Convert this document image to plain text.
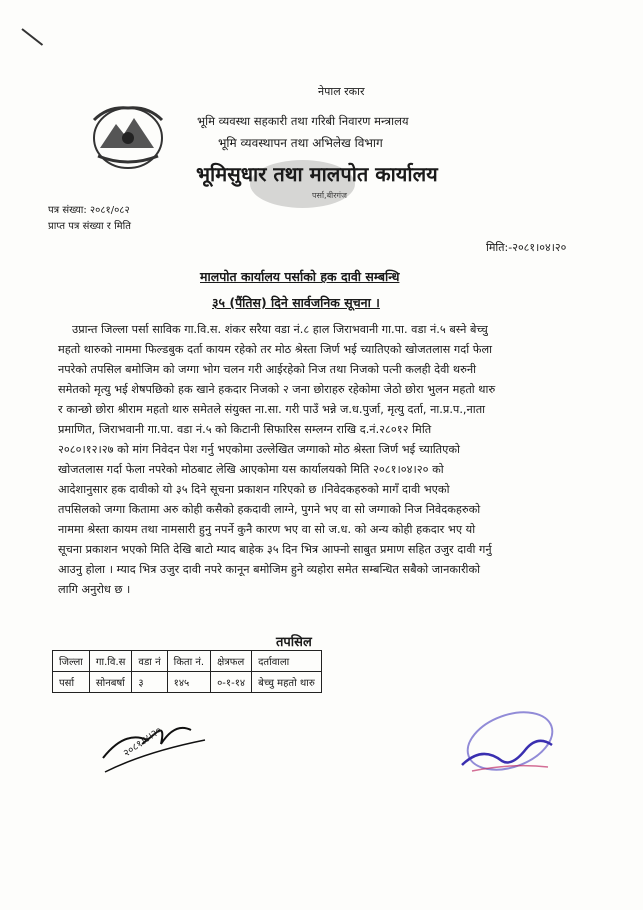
नेपाल रकार
भूमि व्यवस्था सहकारी तथा गरिबी निवारण मन्त्रालय
भूमि व्यवस्थापन तथा अभिलेख विभाग
भूमिसुधार तथा मालपोत कार्यालय
पर्सा,बीरगंज
पत्र संख्या: २०८१/०८२
प्राप्त पत्र संख्या र मिति
मिति:-२०८१।०४।२०
मालपोत कार्यालय पर्साको हक दावी सम्बन्धि
३५ (पैंतिस) दिने सार्वजनिक सूचना ।
उप्रान्त जिल्ला पर्सा साविक गा.वि.स. शंकर सरैया वडा नं.८ हाल जिराभवानी गा.पा. वडा नं.५ बस्ने बेच्चु
महतो थारुको नाममा फिल्डबुक दर्ता कायम रहेको तर मोठ श्रेस्ता जिर्ण भई च्यातिएको खोजतलास गर्दा फेला
नपरेको तपसिल बमोजिम को जग्गा भोग चलन गरी आईरहेको निज तथा निजको पत्नी कलही देवी थरुनी
समेतको मृत्यु भई शेषपछिको हक खाने हकदार निजको २ जना छोराहरु रहेकोमा जेठो छोरा भुलन महतो थारु
र कान्छो छोरा श्रीराम महतो थारु समेतले संयुक्त ना.सा. गरी पाउँ भन्ने ज.ध.पुर्जा, मृत्यु दर्ता, ना.प्र.प.,नाता
प्रमाणित, जिराभवानी गा.पा. वडा नं.५ को किटानी सिफारिस सम्लग्न राखि द.नं.२८०१२ मिति
२०८०।१२।२७ को मांग निवेदन पेश गर्नु भएकोमा उल्लेखित जग्गाको मोठ श्रेस्ता जिर्ण भई च्यातिएको
खोजतलास गर्दा फेला नपरेको मोठबाट लेखि आएकोमा यस कार्यालयको मिति २०८१।०४।२० को
आदेशानुसार हक दावीको यो ३५ दिने सूचना प्रकाशन गरिएको छ ।निवेदकहरुको मागँ दावी भएको
तपसिलको जग्गा कितामा अरु कोही कसैको हकदावी लाग्ने, पुगने भए वा सो जग्गाको निज निवेदकहरुको
नाममा श्रेस्ता कायम तथा नामसारी हुनु नपर्ने कुनै कारण भए वा सो ज.ध. को अन्य कोही हकदार भए यो
सूचना प्रकाशन भएको मिति देखि बाटो म्याद बाहेक ३५ दिन भित्र आफ्नो साबुत प्रमाण सहित उजुर दावी गर्नु
आउनु होला । म्याद भित्र उजुर दावी नपरे कानून बमोजिम हुने व्यहोरा समेत सम्बन्धित सबैको जानकारीको
लागि अनुरोध छ ।
तपसिल
जिल्ला	गा.वि.स	वडा नं	किता नं.	क्षेत्रफल	दर्तावाला
पर्सा	सोनबर्षा	३	१४५	०-१-१४	बेच्चु महतो थारु
२०८१।४।२०
